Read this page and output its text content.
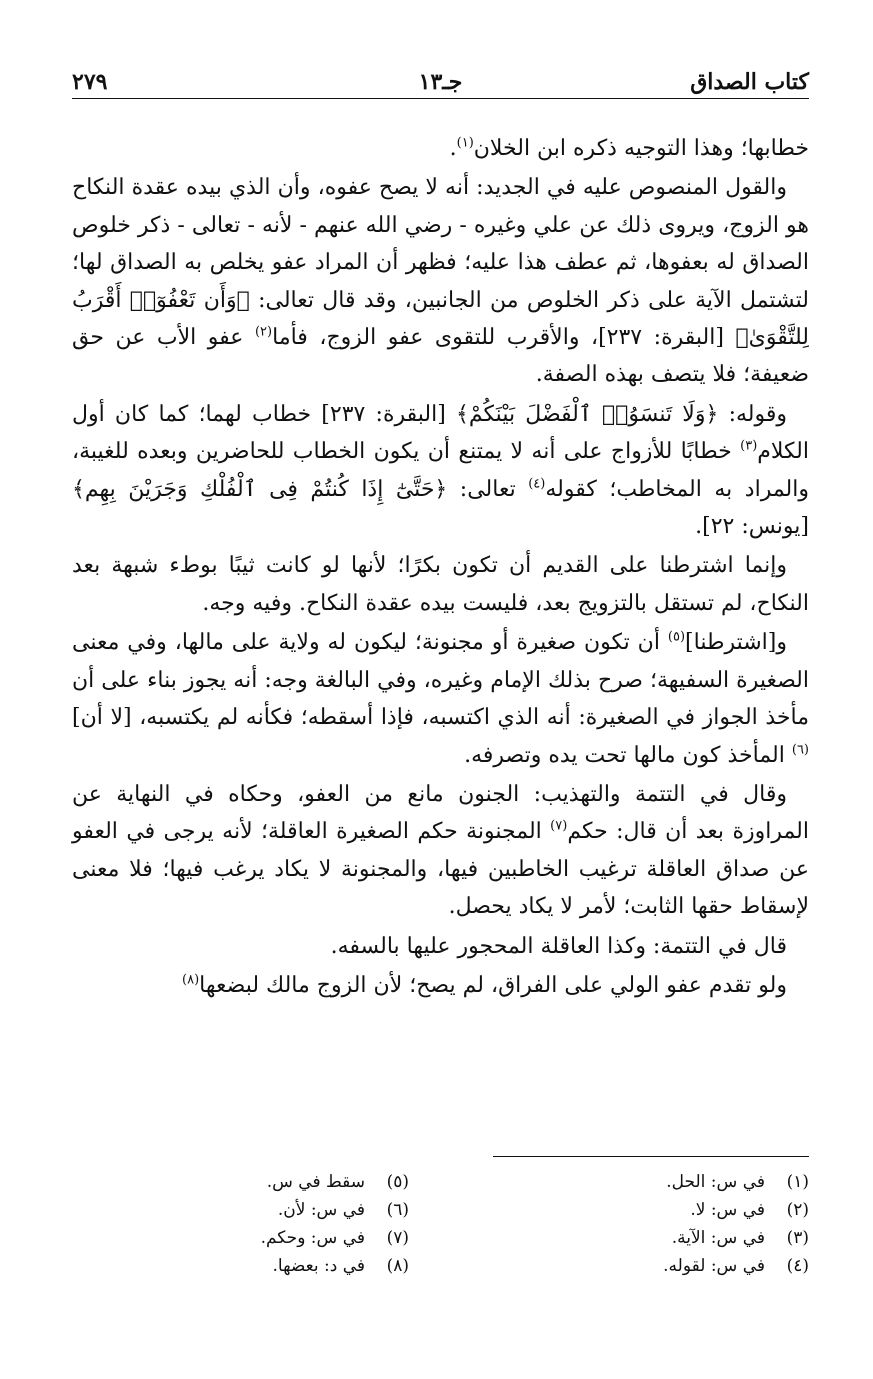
كتاب الصداق
جـ١٣
٢٧٩

خطابها؛ وهذا التوجيه ذكره ابن الخلان$^{(١)}$.

والقول المنصوص عليه في الجديد: أنه لا يصح عفوه، وأن الذي بيده عقدة النكاح هو الزوج، ويروى ذلك عن علي وغيره - رضي الله عنهم - لأنه - تعالى - ذكر خلوص الصداق له بعفوها، ثم عطف هذا عليه؛ فظهر أن المراد عفو يخلص به الصداق لها؛ لتشتمل الآية على ذكر الخلوص من الجانبين، وقد قال تعالى: ﴿وَأَن تَعْفُوٓا۟ أَقْرَبُ لِلتَّقْوَىٰ﴾ [البقرة: ٢٣٧]، والأقرب للتقوى عفو الزوج، فأما$^{(٢)}$ عفو الأب عن حق ضعيفة؛ فلا يتصف بهذه الصفة.

وقوله: ﴿وَلَا تَنسَوُا۟ ٱلْفَضْلَ بَيْنَكُمْ﴾ [البقرة: ٢٣٧] خطاب لهما؛ كما كان أول الكلام$^{(٣)}$ خطابًا للأزواج على أنه لا يمتنع أن يكون الخطاب للحاضرين وبعده للغيبة، والمراد به المخاطب؛ كقوله$^{(٤)}$ تعالى: ﴿حَتَّىٰٓ إِذَا كُنتُمْ فِى ٱلْفُلْكِ وَجَرَيْنَ بِهِم﴾ [يونس: ٢٢].

وإنما اشترطنا على القديم أن تكون بكرًا؛ لأنها لو كانت ثيبًا بوطء شبهة بعد النكاح، لم تستقل بالتزويج بعد، فليست بيده عقدة النكاح. وفيه وجه.

و[اشترطنا]$^{(٥)}$ أن تكون صغيرة أو مجنونة؛ ليكون له ولاية على مالها، وفي معنى الصغيرة السفيهة؛ صرح بذلك الإمام وغيره، وفي البالغة وجه: أنه يجوز بناء على أن مأخذ الجواز في الصغيرة: أنه الذي اكتسبه، فإذا أسقطه؛ فكأنه لم يكتسبه، [لا أن]$^{(٦)}$ المأخذ كون مالها تحت يده وتصرفه.

وقال في التتمة والتهذيب: الجنون مانع من العفو، وحكاه في النهاية عن المراوزة بعد أن قال: حكم$^{(٧)}$ المجنونة حكم الصغيرة العاقلة؛ لأنه يرجى في العفو عن صداق العاقلة ترغيب الخاطبين فيها، والمجنونة لا يكاد يرغب فيها؛ فلا معنى لإسقاط حقها الثابت؛ لأمر لا يكاد يحصل.

قال في التتمة: وكذا العاقلة المحجور عليها بالسفه.

ولو تقدم عفو الولي على الفراق، لم يصح؛ لأن الزوج مالك لبضعها$^{(٨)}$

(١)في س: الحل.
(٢)في س: لا.
(٣)في س: الآية.
(٤)في س: لقوله.
(٥)سقط في س.
(٦)في س: لأن.
(٧)في س: وحكم.
(٨)في د: بعضها.
